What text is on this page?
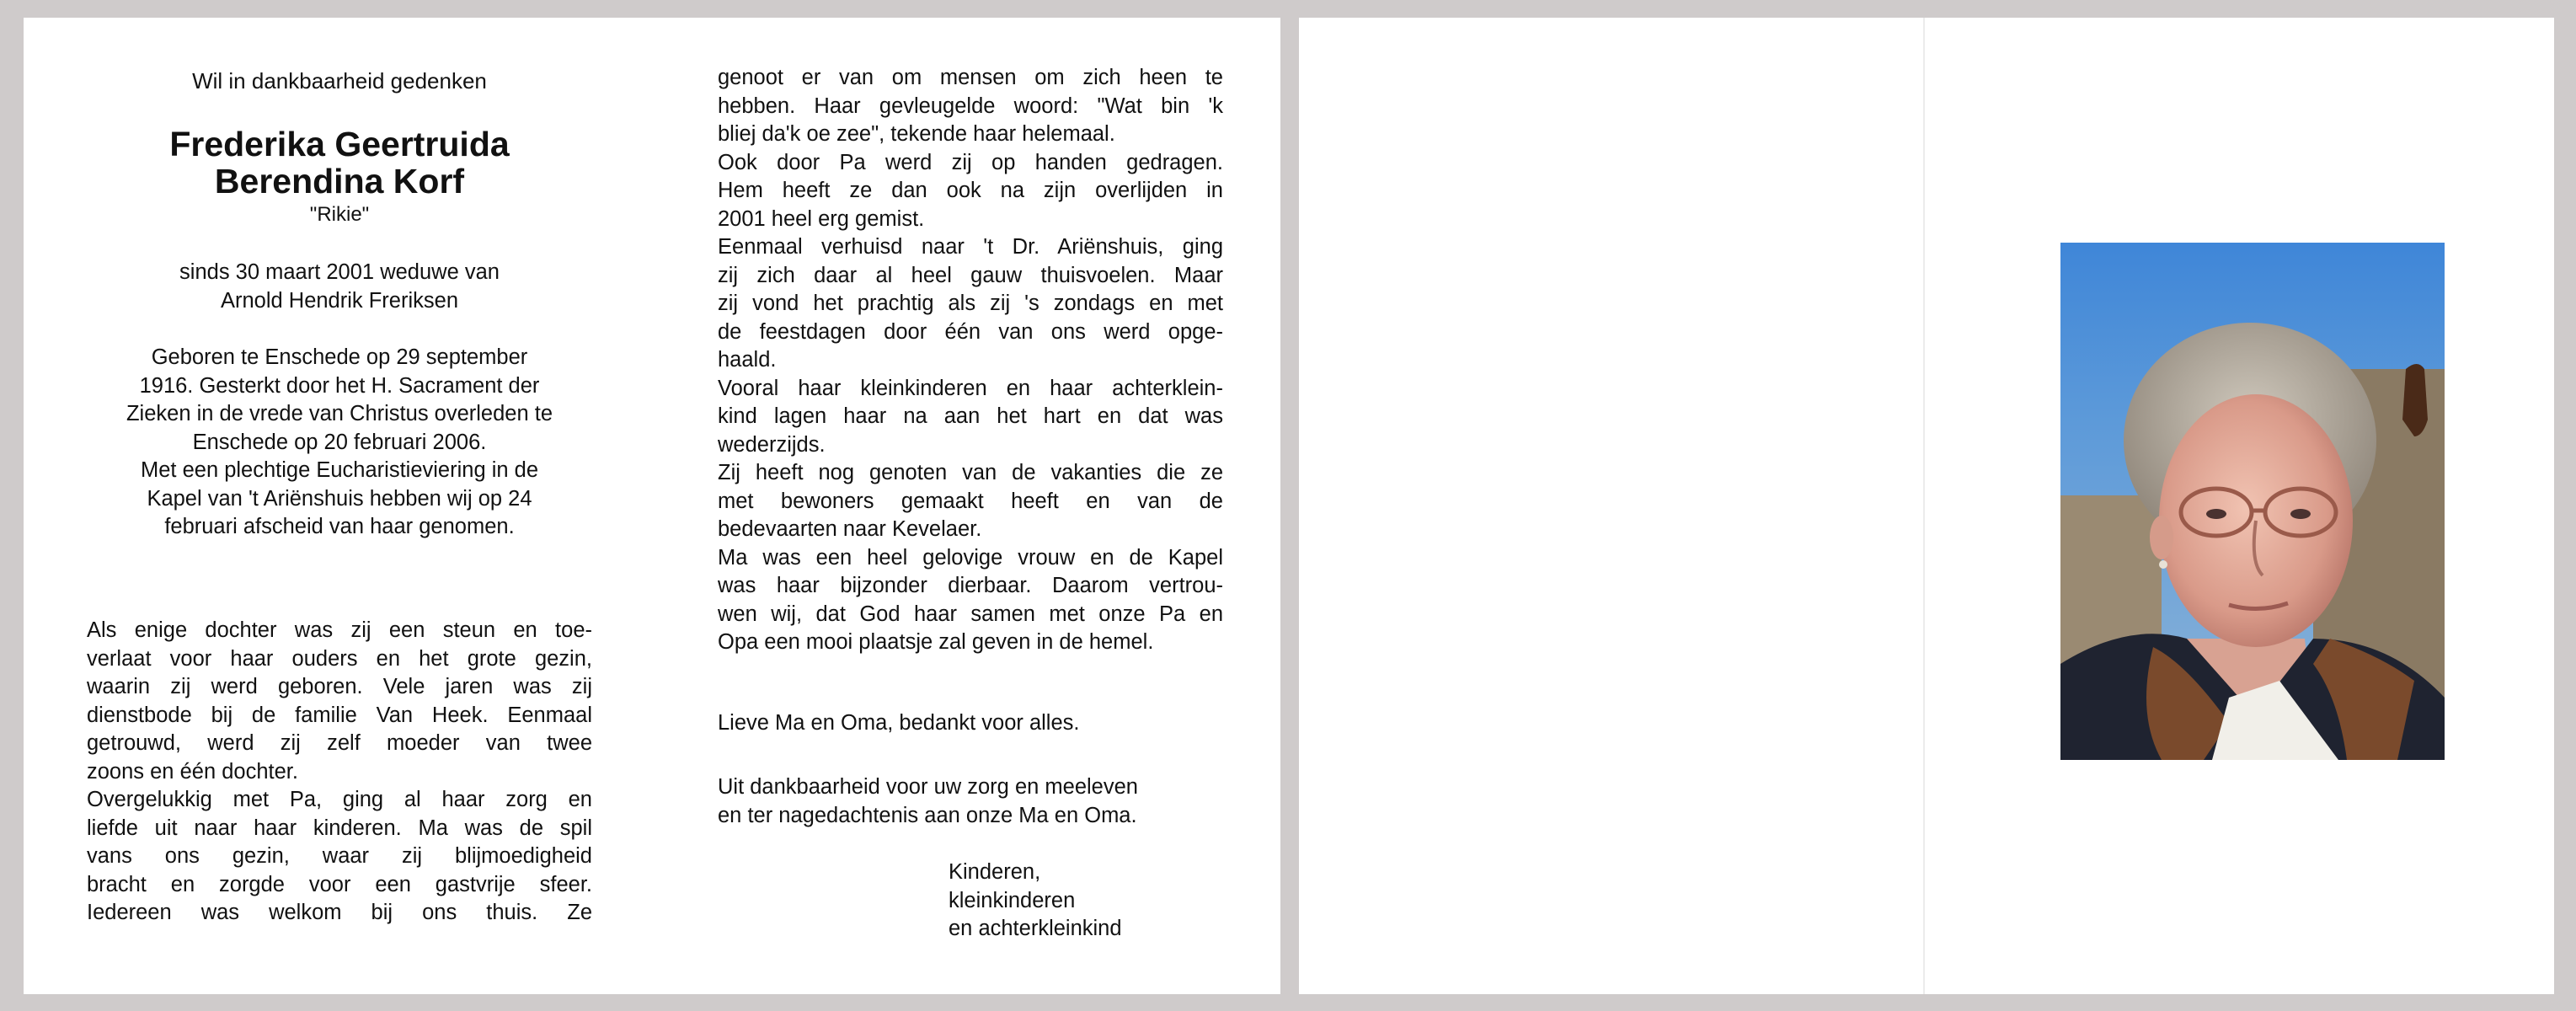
Wil in dankbaarheid gedenken

Frederika Geertruida

Berendina Korf

"Rikie"

sinds 30 maart 2001 weduwe van

Arnold Hendrik Freriksen

Geboren te Enschede op 29 september

1916. Gesterkt door het H. Sacrament der

Zieken in de vrede van Christus overleden te

Enschede op 20 februari 2006.

Met een plechtige Eucharistieviering in de

Kapel van 't Ariënshuis hebben wij op 24

februari afscheid van haar genomen.

Als enige dochter was zij een steun en toe-
verlaat voor haar ouders en het grote gezin,
waarin zij werd geboren. Vele jaren was zij
dienstbode bij de familie Van Heek. Eenmaal
getrouwd, werd zij zelf moeder van twee
zoons en één dochter.
Overgelukkig met Pa, ging al haar zorg en
liefde uit naar haar kinderen. Ma was de spil
vans ons gezin, waar zij blijmoedigheid
bracht en zorgde voor een gastvrije sfeer.
Iedereen was welkom bij ons thuis. Ze
genoot er van om mensen om zich heen te
hebben. Haar gevleugelde woord: "Wat bin 'k
bliej da'k oe zee", tekende haar helemaal.
Ook door Pa werd zij op handen gedragen.
Hem heeft ze dan ook na zijn overlijden in
2001 heel erg gemist.
Eenmaal verhuisd naar 't Dr. Ariënshuis, ging
zij zich daar al heel gauw thuisvoelen. Maar
zij vond het prachtig als zij 's zondags en met
de feestdagen door één van ons werd opge-
haald.
Vooral haar kleinkinderen en haar achterklein-
kind lagen haar na aan het hart en dat was
wederzijds.
Zij heeft nog genoten van de vakanties die ze
met bewoners gemaakt heeft en van de
bedevaarten naar Kevelaer.
Ma was een heel gelovige vrouw en de Kapel
was haar bijzonder dierbaar. Daarom vertrou-
wen wij, dat God haar samen met onze Pa en
Opa een mooi plaatsje zal geven in de hemel.

Lieve Ma en Oma, bedankt voor alles.

Uit dankbaarheid voor uw zorg en meeleven

en ter nagedachtenis aan onze Ma en Oma.

Kinderen,

kleinkinderen

en achterkleinkind
